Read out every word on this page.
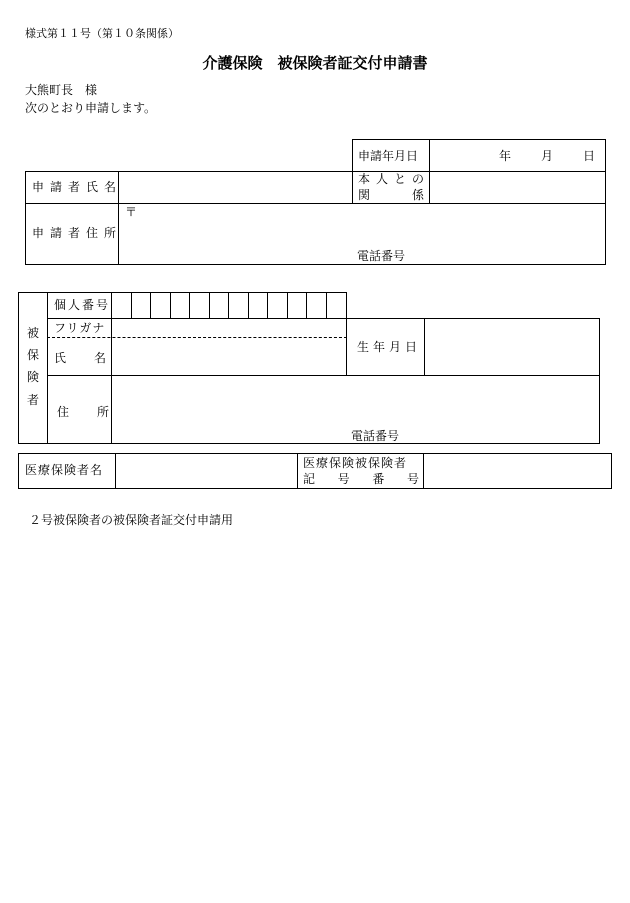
様式第１１号（第１０条関係）
介護保険　被保険者証交付申請書
大熊町長　様
次のとおり申請します。
申請年月日	年 月 日
申請者氏名
本人との
関　係
申請者住所
〒
電話番号
被
保
険
者
個人番号
フリガナ
氏　名
生年月日
住　所
電話番号
医療保険者名	医療保険被保険者
記　号　番　号
２号被保険者の被保険者証交付申請用
